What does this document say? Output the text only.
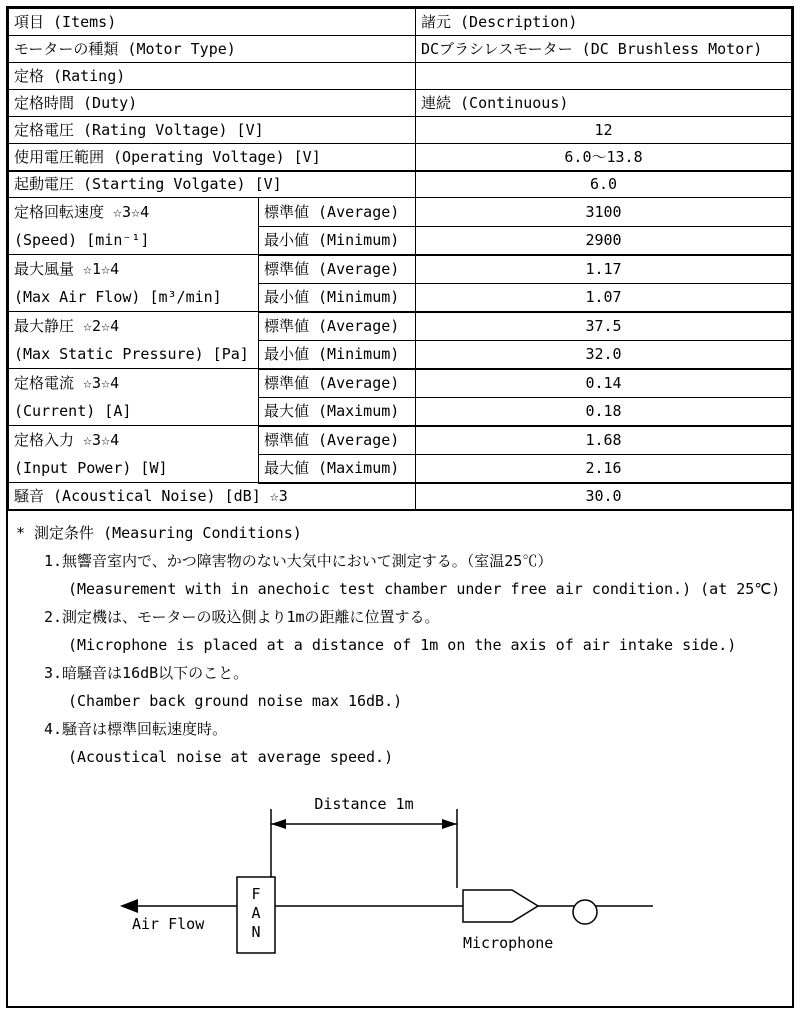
項目 (Items)		諸元 (Description)
モーターの種類 (Motor Type)		DCブラシレスモーター (DC Brushless Motor)
定格 (Rating)		
定格時間 (Duty)		連続 (Continuous)
定格電圧 (Rating Voltage) [V]		12
使用電圧範囲 (Operating Voltage) [V]		6.0〜13.8
起動電圧 (Starting Volgate) [V]		6.0

定格回転速度 ☆3☆4
(Speed) [min⁻¹]	標準値 (Average)	3100
	最小値 (Minimum)	2900

最大風量 ☆1☆4
(Max Air Flow) [m³/min]	標準値 (Average)	1.17
	最小値 (Minimum)	1.07

最大静圧 ☆2☆4
(Max Static Pressure) [Pa]	標準値 (Average)	37.5
	最小値 (Minimum)	32.0

定格電流 ☆3☆4
(Current) [A]	標準値 (Average)	0.14
	最大値 (Maximum)	0.18

定格入力 ☆3☆4
(Input Power) [W]	標準値 (Average)	1.68
	最大値 (Maximum)	2.16
騒音 (Acoustical Noise) [dB] ☆3		30.0
* 測定条件 (Measuring Conditions)
1.無響音室内で、かつ障害物のない大気中において測定する。（室温25℃）
(Measurement with in anechoic test chamber under free air condition.) (at 25℃)
2.測定機は、モーターの吸込側より1mの距離に位置する。
(Microphone is placed at a distance of 1m on the axis of air intake side.)
3.暗騒音は16dB以下のこと。
(Chamber back ground noise max 16dB.)
4.騒音は標準回転速度時。
(Acoustical noise at average speed.)
Distance 1m
Air Flow
F
A
N
Microphone
